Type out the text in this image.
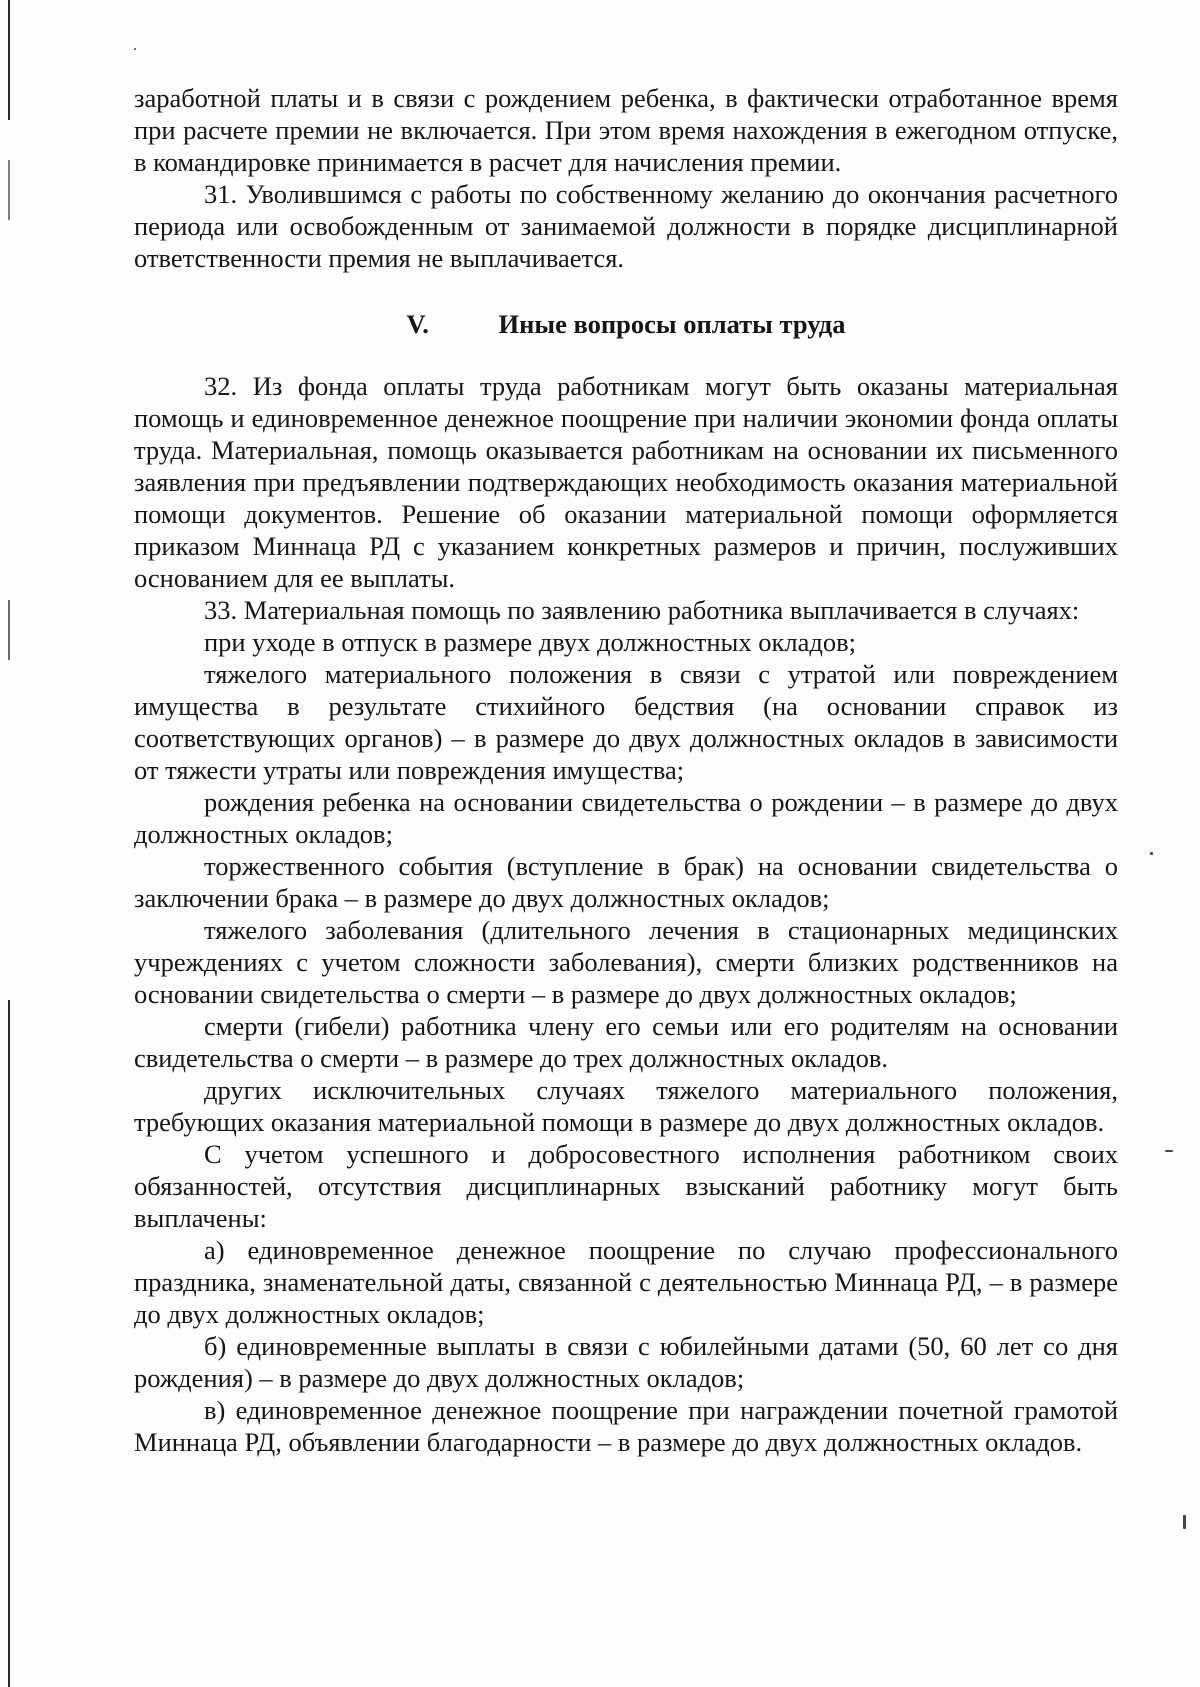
заработной платы и в связи с рождением ребенка, в фактически отработанное время при расчете премии не включается. При этом время нахождения в ежегодном отпуске, в командировке принимается в расчет для начисления премии.

31. Уволившимся с работы по собственному желанию до окончания расчетного периода или освобожденным от занимаемой должности в порядке дисциплинарной ответственности премия не выплачивается.

V.	Иные вопросы оплаты труда

32. Из фонда оплаты труда работникам могут быть оказаны материальная помощь и единовременное денежное поощрение при наличии экономии фонда оплаты труда. Материальная, помощь оказывается работникам на основании их письменного заявления при предъявлении подтверждающих необходимость оказания материальной помощи документов. Решение об оказании материальной помощи оформляется приказом Миннаца РД с указанием конкретных размеров и причин, послуживших основанием для ее выплаты.

33. Материальная помощь по заявлению работника выплачивается в случаях:

при уходе в отпуск в размере двух должностных окладов;

тяжелого материального положения в связи с утратой или повреждением имущества в результате стихийного бедствия (на основании справок из соответствующих органов) – в размере до двух должностных окладов в зависимости от тяжести утраты или повреждения имущества;

рождения ребенка на основании свидетельства о рождении – в размере до двух должностных окладов;

торжественного события (вступление в брак) на основании свидетельства о заключении брака – в размере до двух должностных окладов;

тяжелого заболевания (длительного лечения в стационарных медицинских учреждениях с учетом сложности заболевания), смерти близких родственников на основании свидетельства о смерти – в размере до двух должностных окладов;

смерти (гибели) работника члену его семьи или его родителям на основании свидетельства о смерти – в размере до трех должностных окладов.

других исключительных случаях тяжелого материального положения, требующих оказания материальной помощи в размере до двух должностных окладов.

С учетом успешного и добросовестного исполнения работником своих обязанностей, отсутствия дисциплинарных взысканий работнику могут быть выплачены:

а) единовременное денежное поощрение по случаю профессионального праздника, знаменательной даты, связанной с деятельностью Миннаца РД, – в размере до двух должностных окладов;

б) единовременные выплаты в связи с юбилейными датами (50, 60 лет со дня рождения) – в размере до двух должностных окладов;

в) единовременное денежное поощрение при награждении почетной грамотой Миннаца РД, объявлении благодарности – в размере до двух должностных окладов.
